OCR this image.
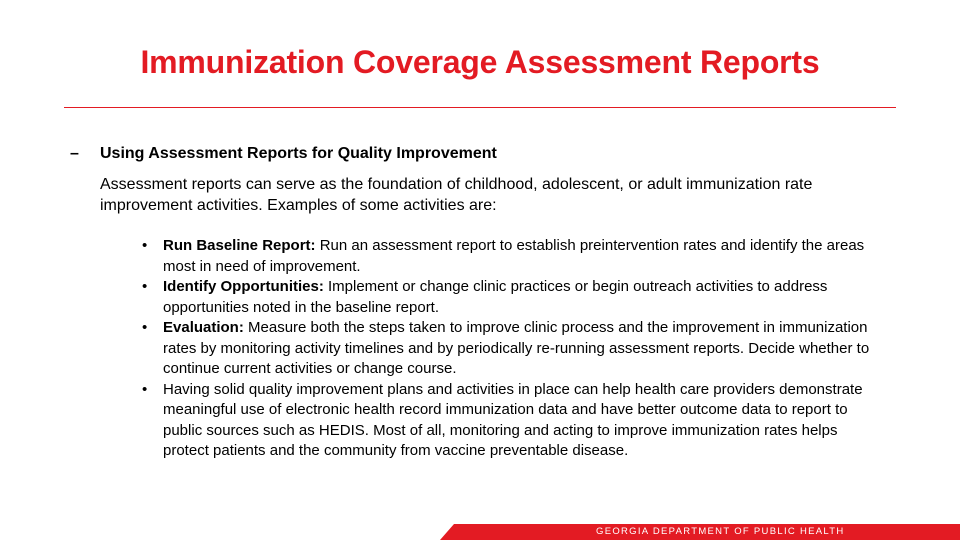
Immunization Coverage Assessment Reports
– Using Assessment Reports for Quality Improvement
Assessment reports can serve as the foundation of childhood, adolescent, or adult immunization rate improvement activities. Examples of some activities are:
• Run Baseline Report: Run an assessment report to establish preintervention rates and identify the areas most in need of improvement.
• Identify Opportunities: Implement or change clinic practices or begin outreach activities to address opportunities noted in the baseline report.
• Evaluation: Measure both the steps taken to improve clinic process and the improvement in immunization rates by monitoring activity timelines and by periodically re-running assessment reports. Decide whether to continue current activities or change course.
• Having solid quality improvement plans and activities in place can help health care providers demonstrate meaningful use of electronic health record immunization data and have better outcome data to report to public sources such as HEDIS. Most of all, monitoring and acting to improve immunization rates helps protect patients and the community from vaccine preventable disease.
GEORGIA DEPARTMENT OF PUBLIC HEALTH
